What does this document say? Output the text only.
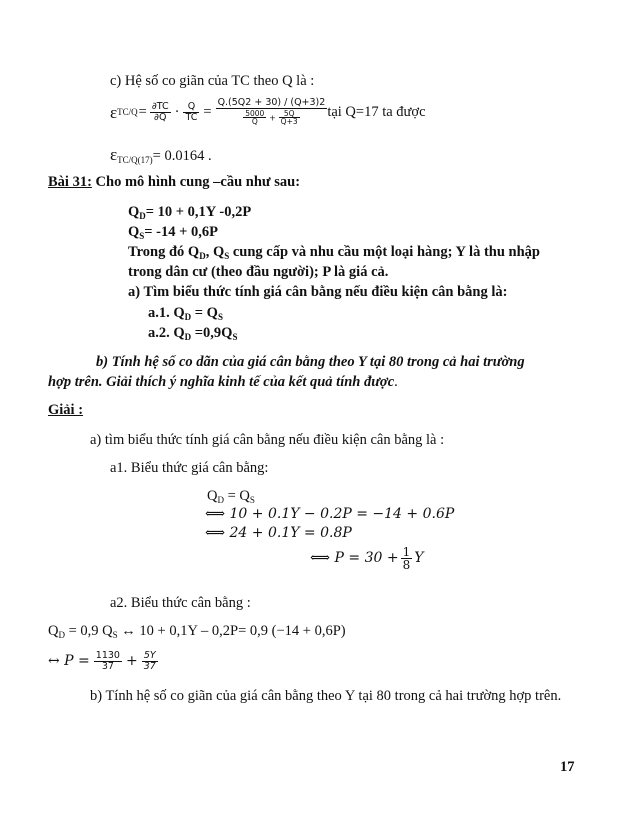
c) Hệ số co giãn của TC theo Q là :
ε $TC/Q = \frac{\partial TC}{\partial Q} \cdot \frac{Q}{TC} = \frac{Q.(5Q2 + 30) / (Q+3)2}{\frac{5000}{Q} + \frac{5Q}{Q+3}}$ tại Q=17 ta được
$\varepsilon_{TC/Q(17)}= 0.0164$ .
Bài 31: Cho mô hình cung –cầu như sau:
$Q_D= 10 + 0,1Y$ -0,2P
$Q_S= -14 + 0,6P$
Trong đó $Q_D$, $Q_S$ cung cấp và nhu cầu một loại hàng; Y là thu nhập
trong dân cư (theo đầu người); P là giá cả.
a) Tìm biểu thức tính giá cân bằng nếu điều kiện cân bằng là:
a.1. $Q_D = Q_S$
a.2. $Q_D =0,9Q_S$
b) Tính hệ số co dãn của giá cân bằng theo Y tại 80 trong cả hai trường
hợp trên. Giải thích ý nghĩa kinh tế của kết quả tính được.
Giải :
a) tìm biểu thức tính giá cân bằng nếu điều kiện cân bằng là :
a1. Biểu thức giá cân bằng:
$Q_D = Q_S$
⟺ 10 + 0.1Y − 0.2P = −14 + 0.6P
⟺ 24 + 0.1Y = 0.8P
⟺ $P = 30 + \frac{1}{8}$ Y
a2. Biểu thức cân bằng :
$Q_D = 0,9$ $Q_S$ ↔ 10 + 0,1Y – 0,2P= 0,9 (−14 + 0,6P)
↔ $P = \frac{1130}{37} + \frac{5Y}{37}$
b) Tính hệ số co giãn của giá cân bằng theo Y tại 80 trong cả hai trường hợp trên.
17
